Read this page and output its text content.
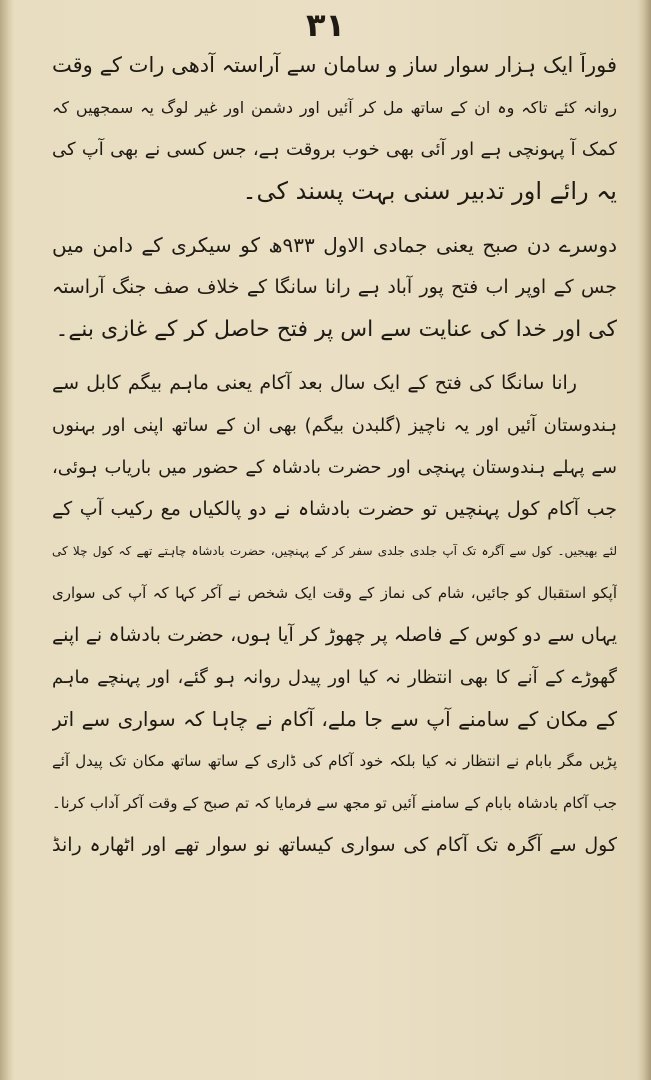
۳۱
فوراً ایک ہزار سوار ساز و سامان سے آراستہ آدھی رات کے وقت
روانہ کئے تاکہ وہ ان کے ساتھ مل کر آئیں اور دشمن اور غیر لوگ یہ سمجھیں کہ
کمک آ پہونچی ہے اور آئی بھی خوب بروقت ہے، جس کسی نے بھی آپ کی
یہ رائے اور تدبیر سنی بہت پسند کی۔
دوسرے دن صبح یعنی جمادی الاول ۹۳۳ھ کو سیکری کے دامن میں
جس کے اوپر اب فتح پور آباد ہے رانا سانگا کے خلاف صف جنگ آراستہ
کی اور خدا کی عنایت سے اس پر فتح حاصل کر کے غازی بنے۔
رانا سانگا کی فتح کے ایک سال بعد آکام یعنی ماہم بیگم کابل سے
ہندوستان آئیں اور یہ ناچیز (گلبدن بیگم) بھی ان کے ساتھ اپنی اور بہنوں
سے پہلے ہندوستان پہنچی اور حضرت بادشاہ کے حضور میں باریاب ہوئی،
جب آکام کول پہنچیں تو حضرت بادشاہ نے دو پالکیاں مع رکیب آپ کے
لئے بھیجیں۔ کول سے آگرہ تک آپ جلدی جلدی سفر کر کے پہنچیں، حضرت بادشاہ چاہتے تھے کہ کول چلا کی
آپکو استقبال کو جائیں، شام کی نماز کے وقت ایک شخص نے آکر کہا کہ آپ کی سواری
یہاں سے دو کوس کے فاصلہ پر چھوڑ کر آیا ہوں، حضرت بادشاہ نے اپنے
گھوڑے کے آنے کا بھی انتظار نہ کیا اور پیدل روانہ ہو گئے، اور پہنچے ماہم
کے مکان کے سامنے آپ سے جا ملے، آکام نے چاہا کہ سواری سے اتر
پڑیں مگر بابام نے انتظار نہ کیا بلکہ خود آکام کی ڈاری کے ساتھ ساتھ مکان تک پیدل آئے
جب آکام بادشاہ بابام کے سامنے آئیں تو مجھ سے فرمایا کہ تم صبح کے وقت آکر آداب کرنا۔
کول سے آگرہ تک آکام کی سواری کیساتھ نو سوار تھے اور اٹھارہ رانڈ
